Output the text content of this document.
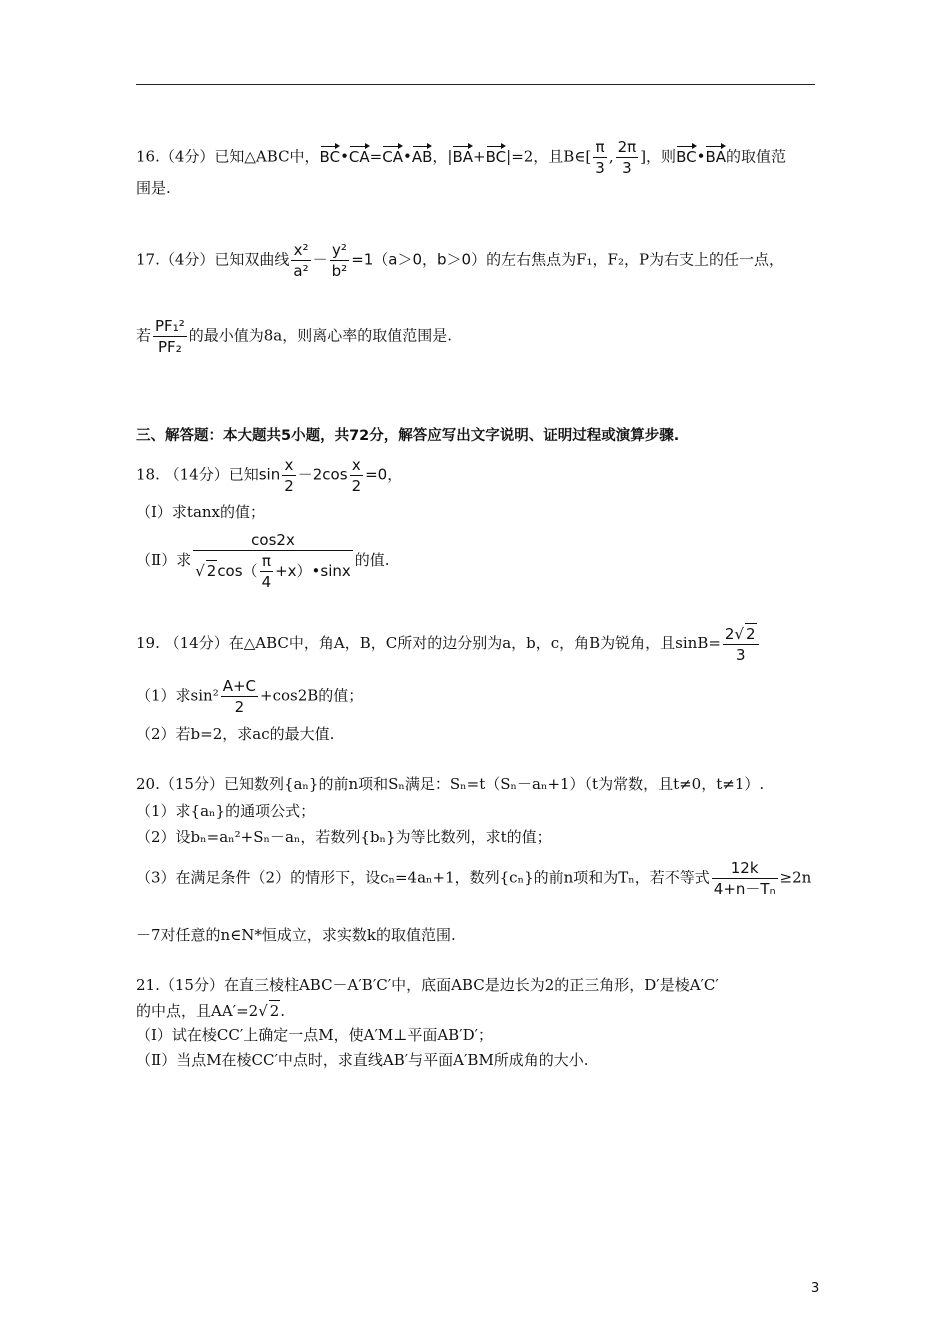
16.（4分）已知△ABC中，BC•CA=CA•AB，|BA+BC|=2，且B∈[ $\frac{\pi}{3}$ , $\frac{2\pi}{3}$ ]，则BC•BA的取值范
围是.
17.（4分）已知双曲线 $\frac{\text{x²}}{\text{a²}} - \frac{\text{y²}}{\text{b²}} =1(a>0$，b＞0）的左右焦点为F₁，F₂，P为右支上的任一点，
若 $\frac{\text{PF₁²}}{\text{PF₂}}$ 的最小值为8a，则离心率的取值范围是.
三、解答题：本大题共5小题，共72分，解答应写出文字说明、证明过程或演算步骤.
18. （14分）已知$\sin \frac{x}{2} -2\cos \frac{x}{2} =0$，
（Ⅰ）求tanx的值；
（Ⅱ）求 $\frac{\cos 2x}{√ 2\cos( \frac{\pi}{4} +x)•\sin x}$ 的值.
19. （14分）在△ABC中，角A，B，C所对的边分别为a，b，c，角B为锐角，且$\sin B= \frac{2√ 2}{3}$
（1）求$\sin^2 \frac{A+C}{2} +\cos 2B$的值；
（2）若b=2，求ac的最大值.
20.（15分）已知数列{aₙ}的前n项和Sₙ满足：Sₙ=t（Sₙ－aₙ+1）（t为常数，且t≠0，t≠1）.
（1）求{aₙ}的通项公式；
（2）设bₙ=aₙ²+Sₙ－aₙ，若数列{bₙ}为等比数列，求t的值；
（3）在满足条件（2）的情形下，设cₙ=4aₙ+1，数列{cₙ}的前n项和为Tₙ，若不等式 $\frac{12k}{\text{4+n－Tₙ}} \ge 2n$
－7对任意的n∈N*恒成立，求实数k的取值范围.
21.（15分）在直三棱柱ABC－A′B′C′中，底面ABC是边长为2的正三角形，D′是棱A′C′
的中点，且AA′=2√ 2.
（Ⅰ）试在棱CC′上确定一点M，使A′M⊥平面AB′D′；
（Ⅱ）当点M在棱CC′中点时，求直线AB′与平面A′BM所成角的大小.
3
